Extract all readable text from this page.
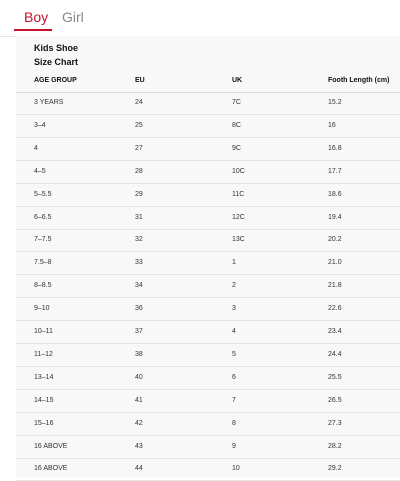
Boy Girl
Kids Shoe
Size Chart
AGE GROUP	EU	UK	Footh Length (cm)
3 YEARS	24	7C	15.2
3–4	25	8C	16
4	27	9C	16.8
4–5	28	10C	17.7
5–5.5	29	11C	18.6
6–6.5	31	12C	19.4
7–7.5	32	13C	20.2
7.5–8	33	1	21.0
8–8.5	34	2	21.8
9–10	36	3	22.6
10–11	37	4	23.4
11–12	38	5	24.4
13–14	40	6	25.5
14–15	41	7	26.5
15–16	42	8	27.3
16 ABOVE	43	9	28.2
16 ABOVE	44	10	29.2
